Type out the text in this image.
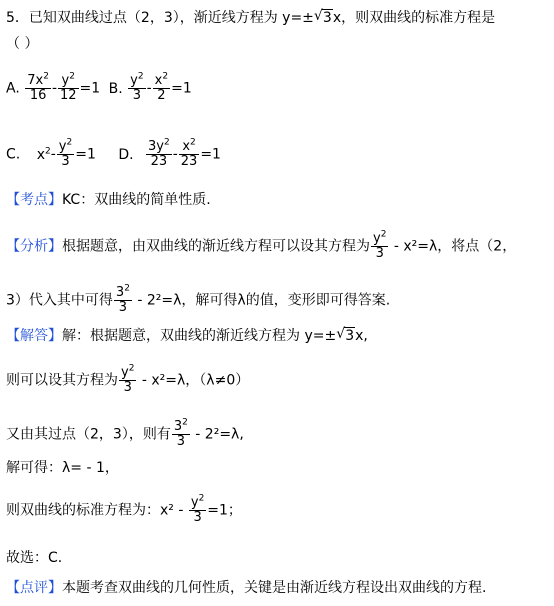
5．已知双曲线过点（2，3），渐近线方程为 y=± √ 3x，则双曲线的标准方程是
（ ）
A. $\frac{7x^2}{16} - \frac{y^2}{12} =1$ B. $\frac{y^2}{3} - \frac{x^2}{2} =1$
C. $x^2- \frac{y^2}{3} =1$ D. $\frac{3y^2}{23} - \frac{x^2}{23} =1$
【考点】KC：双曲线的简单性质.
【分析】根据题意，由双曲线的渐近线方程可以设其方程为 $\frac{y^2}{3} - x^2=\lambda$，将点（2，
3）代入其中可得 $\frac{3^2}{3} - 2^2=\lambda$，解可得λ的值，变形即可得答案.
【解答】解：根据题意，双曲线的渐近线方程为 y=± √ 3x,
则可以设其方程为 $\frac{y^2}{3} - x^2=\lambda$，（λ≠0）
又由其过点（2，3），则有 $\frac{3^2}{3} - 2^2=\lambda$,
解可得：λ= - 1，
则双曲线的标准方程为：$x^2 - \frac{y^2}{3} =1$；
故选：C.
【点评】本题考查双曲线的几何性质，关键是由渐近线方程设出双曲线的方程.
